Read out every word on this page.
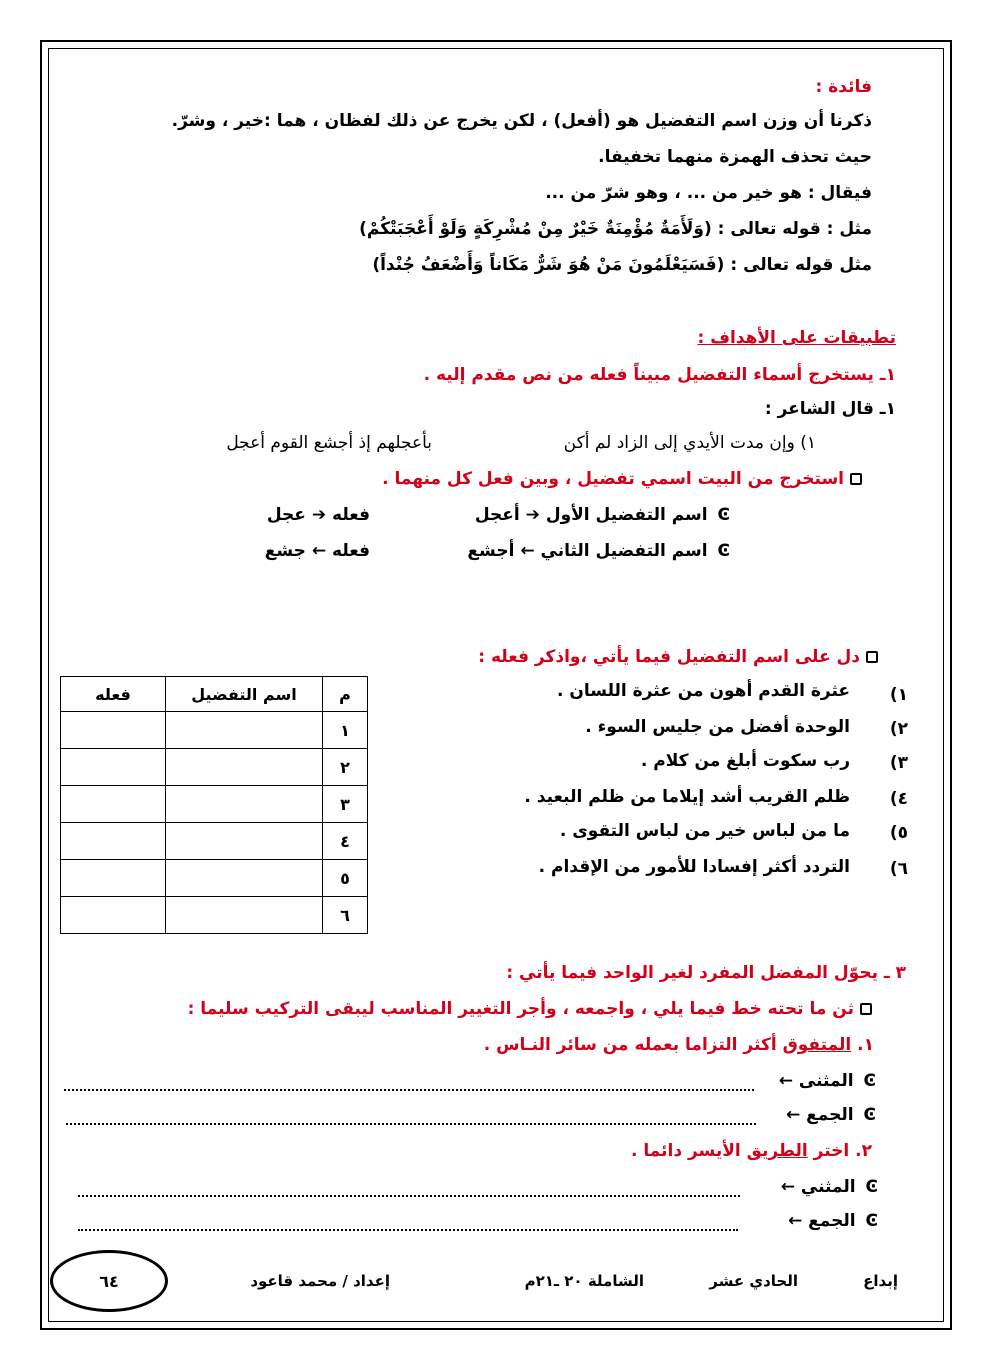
فائدة :
ذكرنا أن وزن اسم التفضيل هو (أفعل) ، لكن يخرج عن ذلك لفظان ، هما :خير ، وشرّ.
حيث تحذف الهمزة منهما تخفيفا.
فيقال : هو خير من ... ، وهو شرّ من ...
مثل : قوله تعالى : (وَلَأَمَةٌ مُؤْمِنَةٌ خَيْرٌ مِنْ مُشْرِكَةٍ وَلَوْ أَعْجَبَتْكُمْ)
مثل قوله تعالى : (فَسَيَعْلَمُونَ مَنْ هُوَ شَرٌّ مَكَاناً وَأَضْعَفُ جُنْداً)
تطبيقات على الأهداف :
١ـ يستخرج أسماء التفضيل مبيناً فعله من نص مقدم إليه .
١ـ قال الشاعر :
١) وإن مدت الأيدي إلى الزاد لم أكن
بأعجلهم إذ أجشع القوم أعجل
استخرج من البيت اسمي تفضيل ، وبين فعل كل منهما .
Ͼ اسم التفضيل الأول ➔ أعجل
فعله ➔ عجل
Ͼ اسم التفضيل الثاني ← أجشع
فعله ← جشع
دل على اسم التفضيل فيما يأتي ،واذكر فعله :
١)
عثرة القدم أهون من عثرة اللسان .
٢)
الوحدة أفضل من جليس السوء .
٣)
رب سكوت أبلغ من كلام .
٤)
ظلم القريب أشد إيلاما من ظلم البعيد .
٥)
ما من لباس خير من لباس التقوى .
٦)
التردد أكثر إفسادا للأمور من الإقدام .
م	اسم التفضيل	فعله
١		
٢		
٣		
٤		
٥		
٦		
٣ ـ يحوّل المفضل المفرد لغير الواحد فيما يأتي :
ثن ما تحته خط فيما يلي ، واجمعه ، وأجر التغيير المناسب ليبقى التركيب سليما :
١. المتفوق أكثر التزاما بعمله من سائر النـاس .
Ͼ المثنى ←
Ͼ الجمع ←
٢. اختر الطريق الأيسر دائما .
Ͼ المثني ←
Ͼ الجمع ←
٦٤	إعداد / محمد قاعود	الشاملة ٢٠ ـ٢١م	الحادي عشر	إبداع
